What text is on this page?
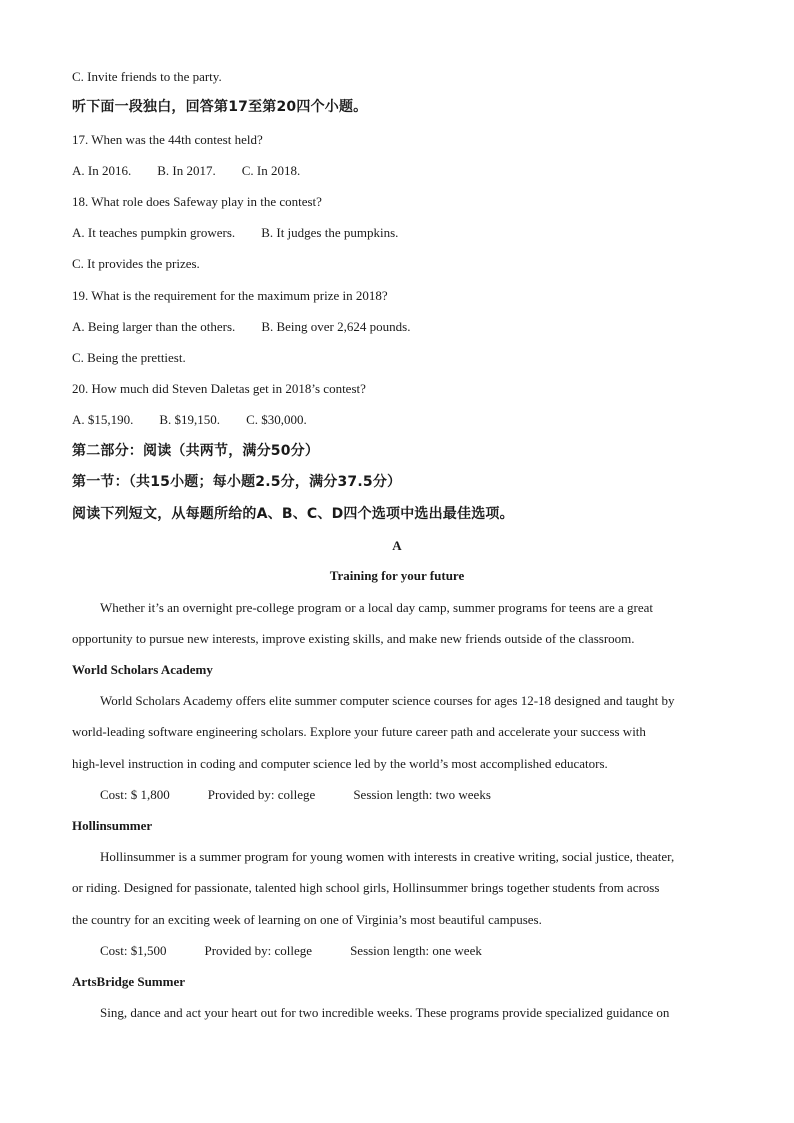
C. Invite friends to the party.
听下面一段独白，回答第17至第20四个小题。
17. When was the 44th contest held?
A. In 2016. B. In 2017. C. In 2018.
18. What role does Safeway play in the contest?
A. It teaches pumpkin growers. B. It judges the pumpkins.
C. It provides the prizes.
19. What is the requirement for the maximum prize in 2018?
A. Being larger than the others. B. Being over 2,624 pounds.
C. Being the prettiest.
20. How much did Steven Daletas get in 2018’s contest?
A. $15,190. B. $19,150. C. $30,000.
第二部分：阅读（共两节，满分50分）
第一节：（共15小题；每小题2.5分，满分37.5分）
阅读下列短文，从每题所给的A、B、C、D四个选项中选出最佳选项。
A
Training for your future
Whether it’s an overnight pre-college program or a local day camp, summer programs for teens are a great
opportunity to pursue new interests, improve existing skills, and make new friends outside of the classroom.
World Scholars Academy
World Scholars Academy offers elite summer computer science courses for ages 12-18 designed and taught by
world-leading software engineering scholars. Explore your future career path and accelerate your success with
high-level instruction in coding and computer science led by the world’s most accomplished educators.
Cost: $ 1,800	Provided by: college	Session length: two weeks
Hollinsummer
Hollinsummer is a summer program for young women with interests in creative writing, social justice, theater,
or riding. Designed for passionate, talented high school girls, Hollinsummer brings together students from across
the country for an exciting week of learning on one of Virginia’s most beautiful campuses.
Cost: $1,500	Provided by: college	Session length: one week
ArtsBridge Summer
Sing, dance and act your heart out for two incredible weeks. These programs provide specialized guidance on
